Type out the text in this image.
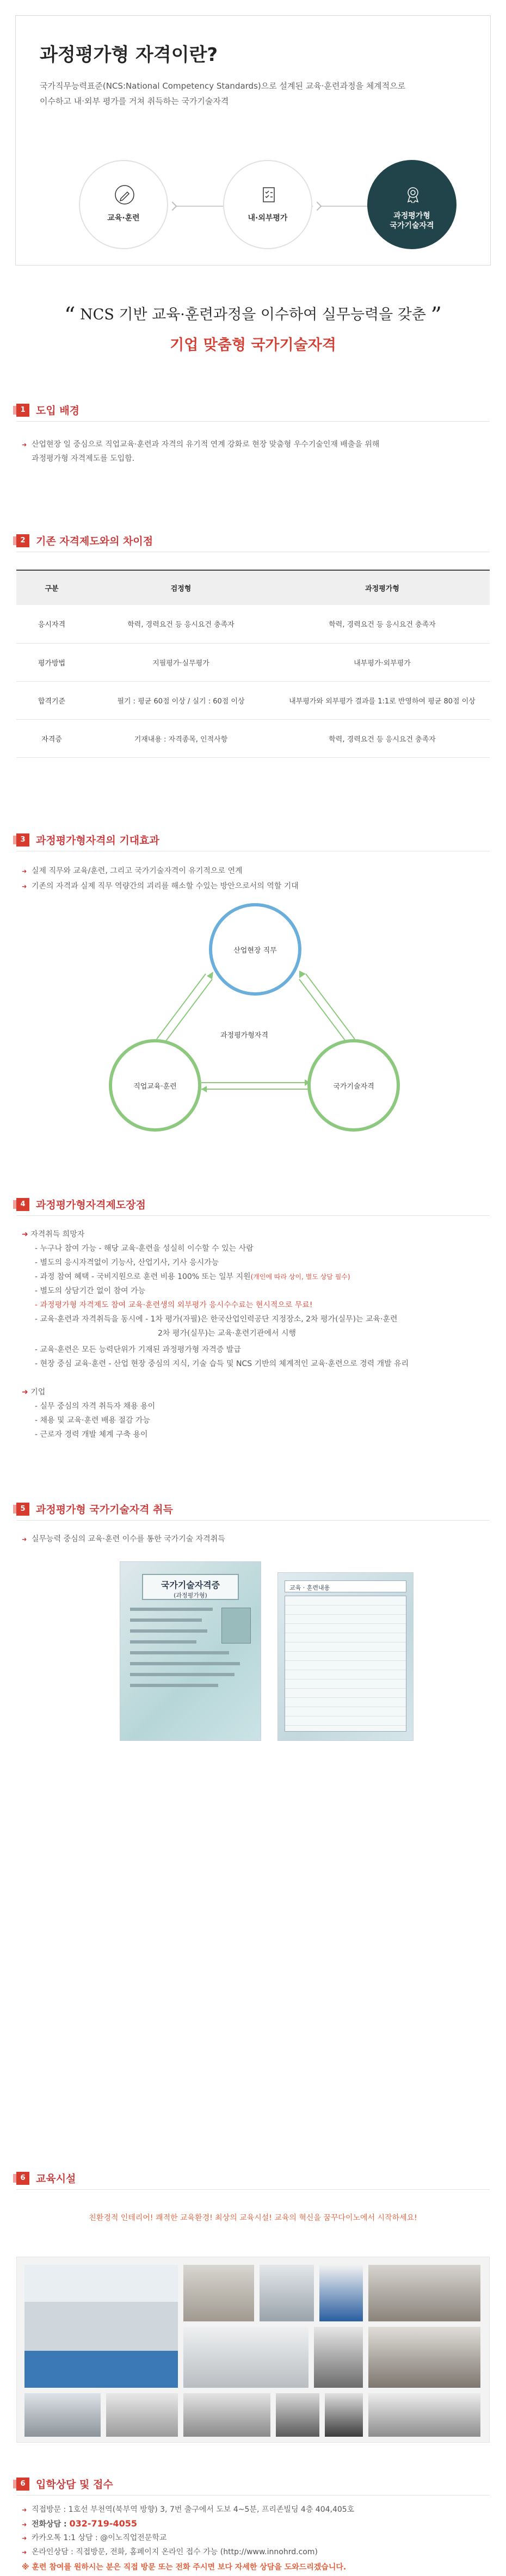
과정평가형 자격이란?

국가직무능력표준(NCS:National Competency Standards)으로 설계된 교육·훈련과정을 체계적으로

이수하고 내·외부 평가를 거쳐 취득하는 국가기술자격

교육·훈련	내·외부평가	과정평가형
국가기술자격
“ NCS 기반 교육·훈련과정을 이수하여 실무능력을 갖춘 ”
기업 맞춤형 국가기술자격
1	도입 배경
➜ 산업현장 일 중심으로 직업교육·훈련과 자격의 유기적 연계 강화로 현장 맞춤형 우수기술인재 배출을 위해
과정평가형 자격제도를 도입함.
2	기존 자격제도와의 차이점
구분	검정형	과정평가형
응시자격	학력, 경력요건 등 응시요건 충족자	학력, 경력요건 등 응시요건 충족자
평가방법	지필평가·실무평가	내부평가·외부평가
합격기준	필기 : 평균 60점 이상 / 실기 : 60점 이상	내부평가와 외부평가 결과를 1:1로 반영하여 평균 80점 이상
자격증	기재내용 : 자격종목, 인적사항	학력, 경력요건 등 응시요건 충족자
3	과정평가형자격의 기대효과
➜ 실제 직무와 교육/훈련, 그리고 국가기술자격이 유기적으로 연계
➜ 기존의 자격과 실제 직무 역량간의 괴리를 해소할 수있는 방안으로서의 역할 기대
산업현장 직무
직업교육·훈련	국가기술자격
과정평가형자격
4	과정평가형자격제도장점
➜ 자격취득 희망자
- 누구나 참여 가능 - 해당 교육·훈련을 성실히 이수할 수 있는 사람
- 별도의 응시자격없이 기능사, 산업기사, 기사 응시가능
- 과정 참여 혜택 - 국비지원으로 훈련 비용 100% 또는 일부 지원(개인에 따라 상이, 별도 상담 필수)
- 별도의 상담기간 없이 참여 가능
- 과정평가형 자격제도 참여 교육·훈련생의 외부평가 응시수수료는 현시적으로 무료!
- 교육·훈련과 자격취득을 동시에 - 1차 평가(자필)은 한국산업인력공단 지정장소, 2차 평가(실무)는 교육·훈련
2차 평가(실무)는 교육·훈련기관에서 시행
- 교육·훈련은 모든 능력단위가 기재된 과정평가형 자격증 발급
- 현장 중심 교육·훈련 - 산업 현장 중심의 지식, 기술 습득 및 NCS 기반의 체계적인 교육·훈련으로 경력 개발 유리
➜ 기업
- 실무 중심의 자격 취득자 채용 용이
- 채용 및 교육·훈련 배용 절감 가능
- 근로자 경력 개발 체계 구축 용이
5	과정평가형 국가기술자격 취득
➜ 실무능력 중심의 교육·훈련 이수를 통한 국가기술 자격취득
국가기술자격증
(과정평가형)
교육 · 훈련내용
6	교육시설
친환경적 인테리어! 쾌적한 교육환경! 최상의 교육시설! 교육의 혁신을 꿈꾸다이노에서 시작하세요!
6	입학상담 및 접수
➜ 직접방문 : 1호선 부천역(북부역 방향) 3, 7번 출구에서 도보 4~5분, 프리존빌딩 4층 404,405호
➜ 전화상담 : 032-719-4055
➜ 카카오톡 1:1 상담 : @이노직업전문학교
➜ 온라인상담 : 직접방문, 전화, 홈페이지 온라인 접수 가능 (http://www.innohrd.com)
※ 훈련 참여를 원하시는 분은 직접 방문 또는 전화 주시면 보다 자세한 상담을 도와드리겠습니다.
